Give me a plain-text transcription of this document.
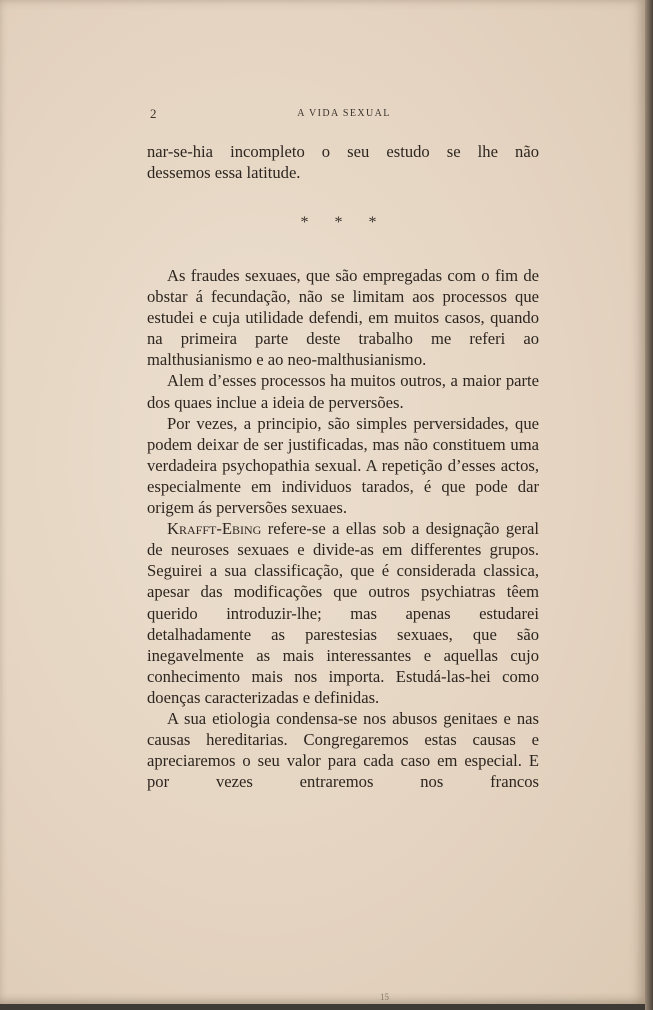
2	A VIDA SEXUAL

nar-se-hia incompleto o seu estudo se lhe não

dessemos essa latitude.

* * *

As fraudes sexuaes, que são empregadas com o fim de obstar á fecundação, não se limitam aos processos que estudei e cuja utilidade defendi, em muitos casos, quando na primeira parte deste trabalho me referi ao malthusianismo e ao neo-malthusianismo.

Alem d’esses processos ha muitos outros, a maior parte dos quaes inclue a ideia de perversões.

Por vezes, a principio, são simples perversidades, que podem deixar de ser justificadas, mas não constituem uma verdadeira psychopathia sexual. A repetição d’esses actos, especialmente em individuos tarados, é que pode dar origem ás perversões sexuaes.

Krafft-Ebing refere-se a ellas sob a designação geral de neuroses sexuaes e divide-as em differentes grupos. Seguirei a sua classificação, que é considerada classica, apesar das modificações que outros psychiatras têem querido introduzir-lhe; mas apenas estudarei detalhadamente as parestesias sexuaes, que são inegavelmente as mais interessantes e aquellas cujo conhecimento mais nos importa. Estudá-las-hei como doenças caracterizadas e definidas.

A sua etiologia condensa-se nos abusos genitaes e nas causas hereditarias. Congregaremos estas causas e apreciaremos o seu valor para cada caso em especial. E por vezes entraremos nos francos

15
